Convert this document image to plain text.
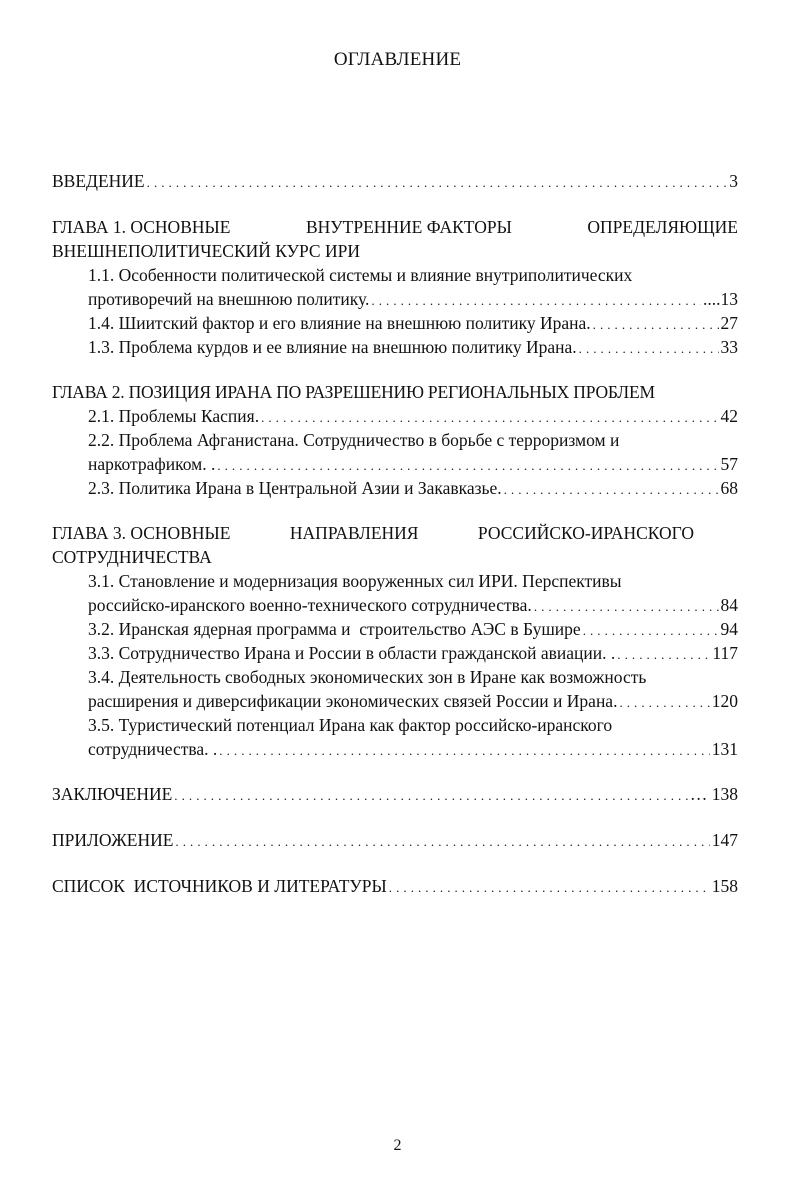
ОГЛАВЛЕНИЕ
ВВЕДЕНИЕ . . .	3
ГЛАВА 1. ОСНОВНЫЕ	ВНУТРЕННИЕ ФАКТОРЫ	ОПРЕДЕЛЯЮЩИЕ
ВНЕШНЕПОЛИТИЧЕСКИЙ КУРС ИРИ
1.1. Особенности политической системы и влияние внутриполитических
противоречий на внешнюю политику. . . .	....13
1.4. Шиитский фактор и его влияние на внешнюю политику Ирана. . . .	27
1.3. Проблема курдов и ее влияние на внешнюю политику Ирана. . . .	33
ГЛАВА 2. ПОЗИЦИЯ ИРАНА ПО РАЗРЕШЕНИЮ РЕГИОНАЛЬНЫХ ПРОБЛЕМ
2.1. Проблемы Каспия. . . .	42
2.2. Проблема Афганистана. Сотрудничество в борьбе с терроризмом и
наркотрафиком. . . . .	57
2.3. Политика Ирана в Центральной Азии и Закавказье. . . .	68
ГЛАВА 3. ОСНОВНЫЕ	НАПРАВЛЕНИЯ	РОССИЙСКО-ИРАНСКОГО
СОТРУДНИЧЕСТВА
3.1. Становление и модернизация вооруженных сил ИРИ. Перспективы
российско-иранского военно-технического сотрудничества. . . .	84
3.2. Иранская ядерная программа и  строительство АЭС в Бушире . . .	94
3.3. Сотрудничество Ирана и России в области гражданской авиации. . . . .	117
3.4. Деятельность свободных экономических зон в Иране как возможность
расширения и диверсификации экономических связей России и Ирана. . . .	120
3.5. Туристический потенциал Ирана как фактор российско-иранского
сотрудничества. . . . .	131
ЗАКЛЮЧЕНИЕ . . .	… 138
ПРИЛОЖЕНИЕ . . .	147
СПИСОК  ИСТОЧНИКОВ И ЛИТЕРАТУРЫ . . .	158
2
